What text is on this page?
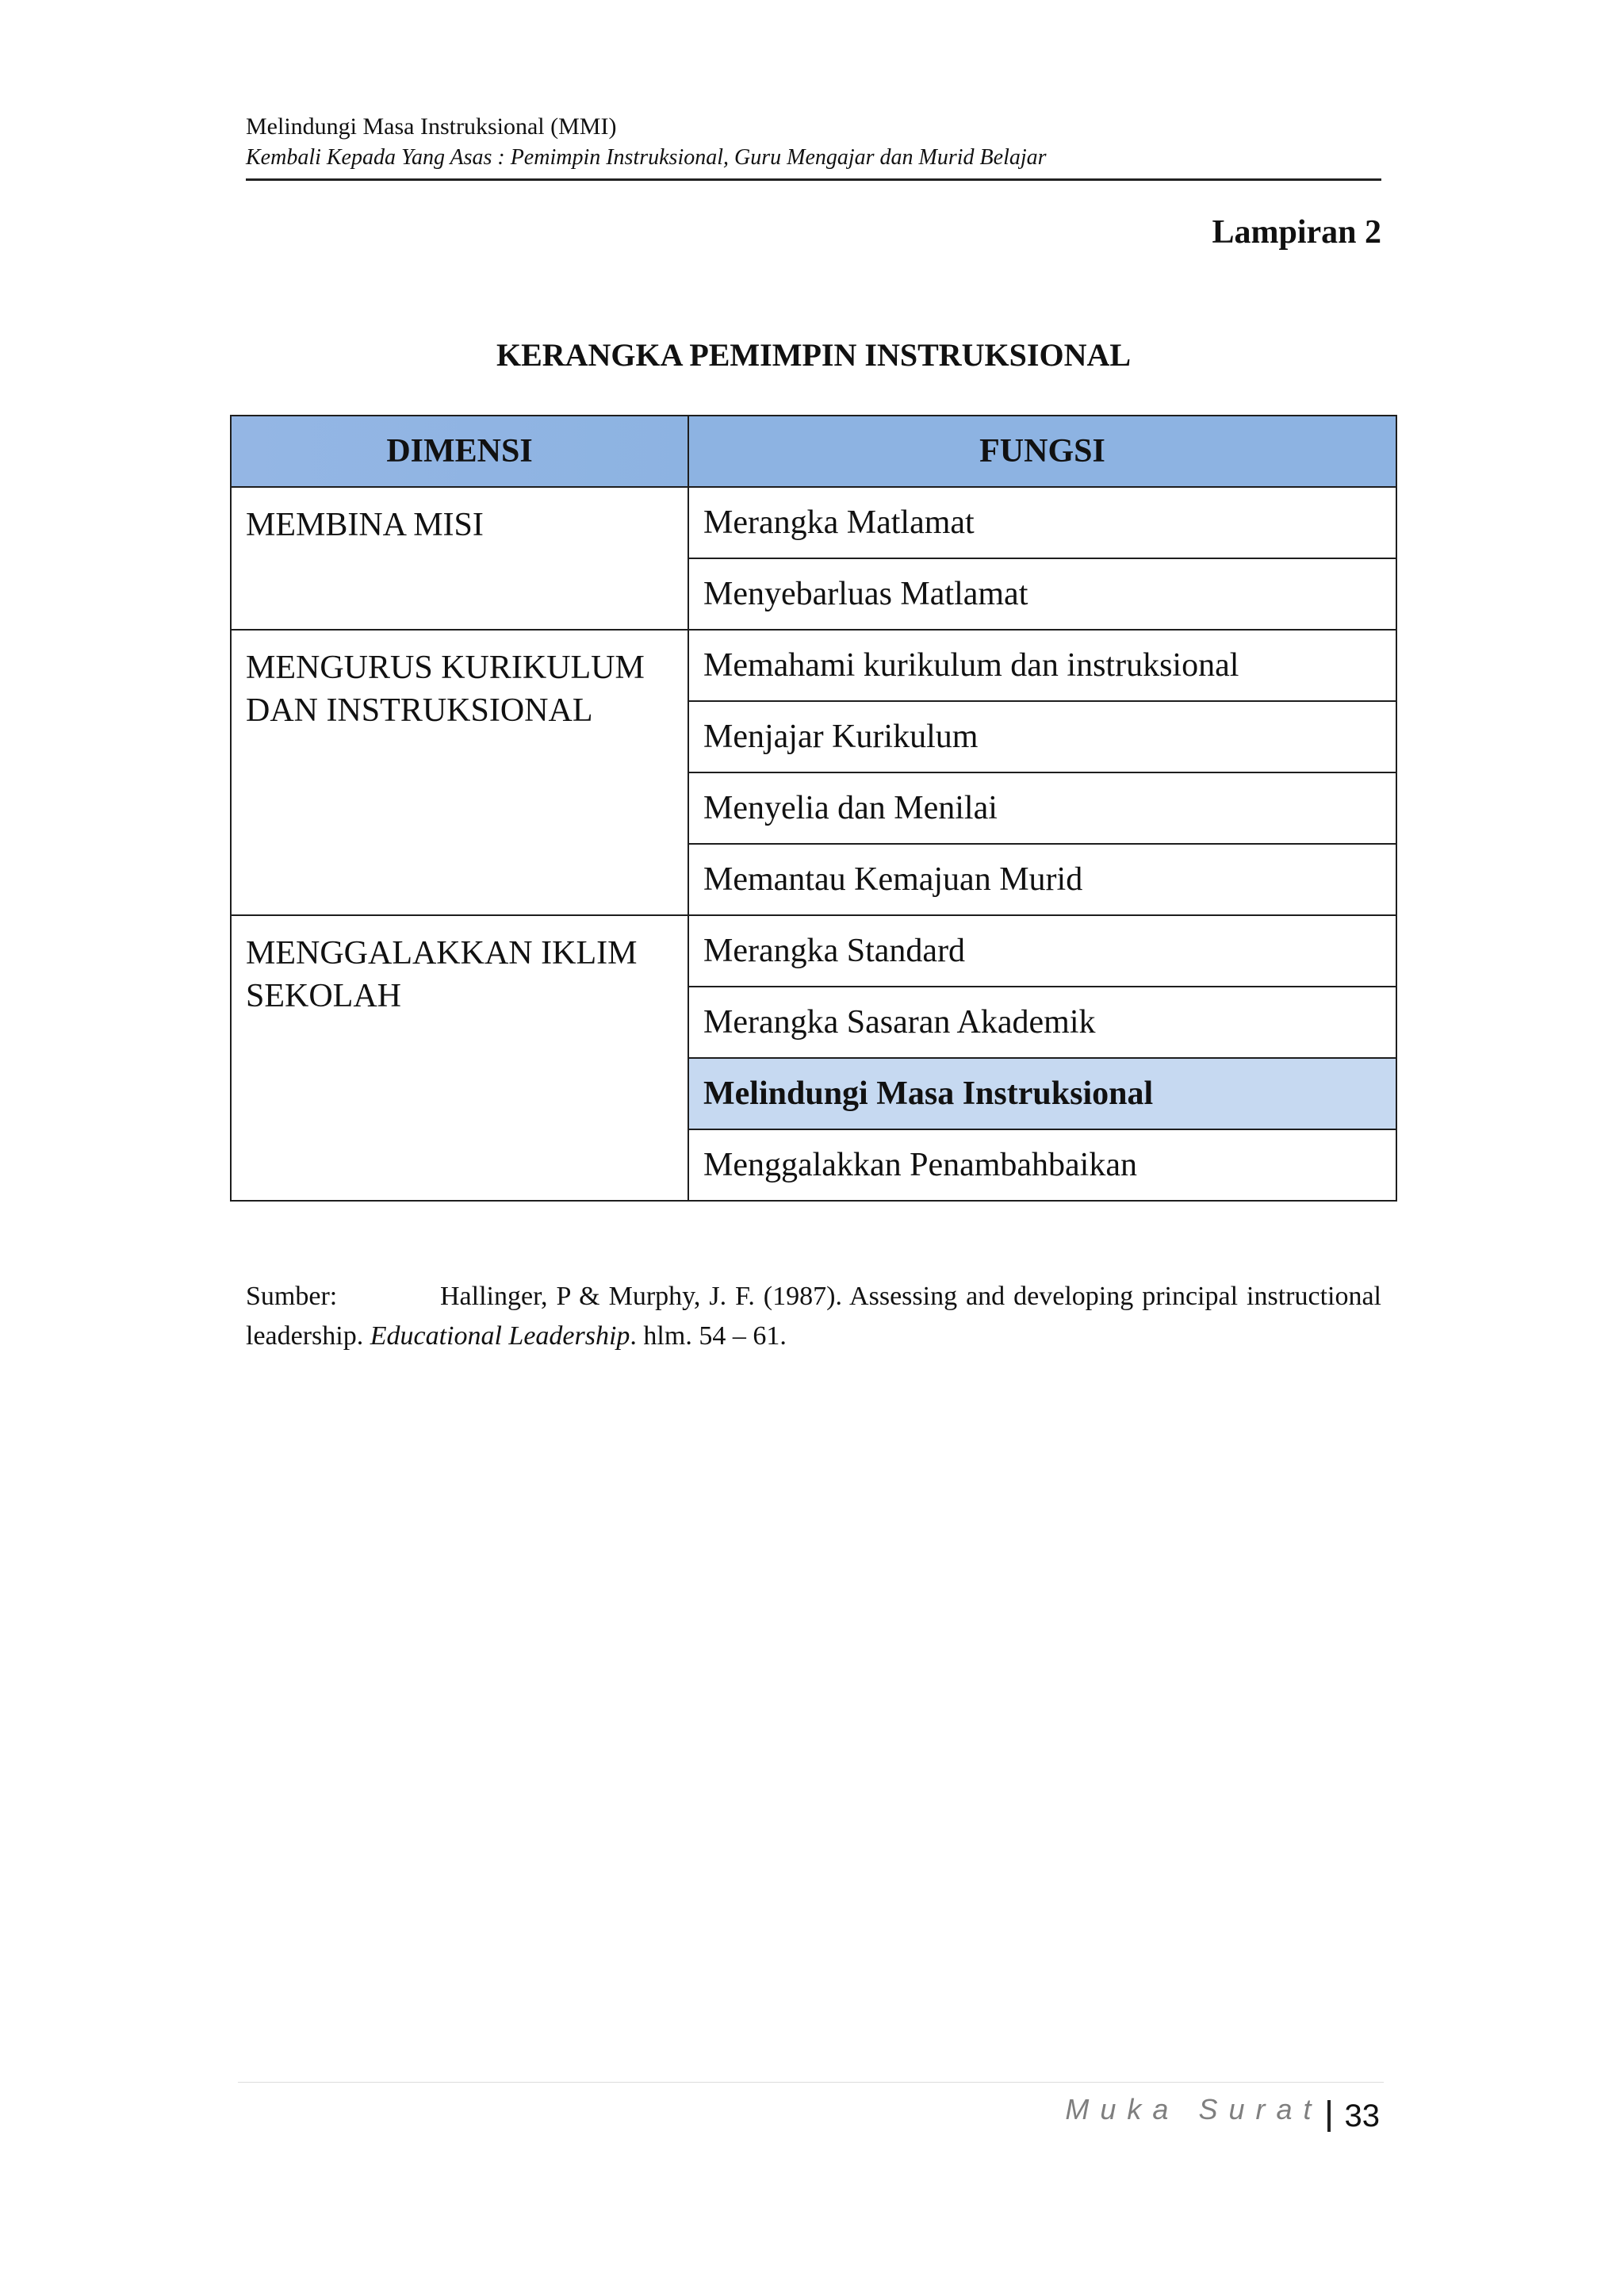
Melindungi Masa Instruksional (MMI)
Kembali Kepada Yang Asas : Pemimpin Instruksional, Guru Mengajar dan Murid Belajar
Lampiran 2
KERANGKA PEMIMPIN INSTRUKSIONAL
DIMENSI	FUNGSI

MEMBINA MISI	Merangka Matlamat
	Menyebarluas Matlamat

MENGURUS KURIKULUM
DAN INSTRUKSIONAL	Memahami kurikulum dan instruksional
	Menjajar Kurikulum
	Menyelia dan Menilai
	Memantau Kemajuan Murid

MENGGALAKKAN IKLIM
SEKOLAH	Merangka Standard
	Merangka Sasaran Akademik
	Melindungi Masa Instruksional
	Menggalakkan Penambahbaikan
Sumber:	Hallinger, P & Murphy, J. F. (1987). Assessing and developing principal instructional leadership. Educational Leadership. hlm. 54 – 61.
Muka Surat 33
